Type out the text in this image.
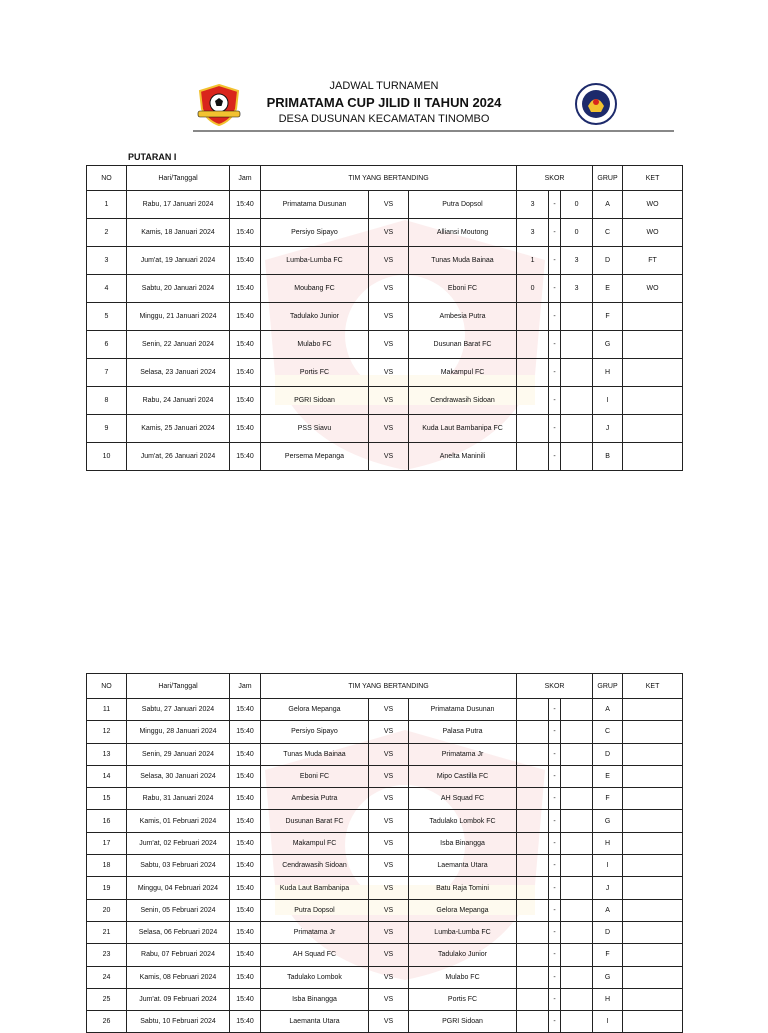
JADWAL TURNAMEN
PRIMATAMA CUP JILID II TAHUN 2024
DESA DUSUNAN KECAMATAN TINOMBO
PUTARAN I
NO	Hari/Tanggal	Jam	TIM YANG BERTANDING			SKOR			GRUP	KET
1	Rabu, 17 Januari 2024	15:40	Primatama Dusunan	VS	Putra Dopsol	3	-	0	A	WO
2	Kamis, 18 Januari 2024	15:40	Persiyo Sipayo	VS	Alliansi Moutong	3	-	0	C	WO
3	Jum'at, 19 Januari 2024	15:40	Lumba-Lumba FC	VS	Tunas Muda Bainaa	1	-	3	D	FT
4	Sabtu, 20 Januari 2024	15:40	Moubang FC	VS	Eboni FC	0	-	3	E	WO
5	Minggu, 21 Januari 2024	15:40	Tadulako Junior	VS	Ambesia Putra		-		F	
6	Senin, 22 Januari 2024	15:40	Mulabo FC	VS	Dusunan Barat FC		-		G	
7	Selasa, 23 Januari 2024	15:40	Portis FC	VS	Makampul FC		-		H	
8	Rabu, 24 Januari 2024	15:40	PGRI Sidoan	VS	Cendrawasih Sidoan		-		I	
9	Kamis, 25 Januari 2024	15:40	PSS Siavu	VS	Kuda Laut Bambanipa FC		-		J	
10	Jum'at, 26 Januari 2024	15:40	Persema Mepanga	VS	Anelta Maninili		-		B	
NO	Hari/Tanggal	Jam	TIM YANG BERTANDING			SKOR			GRUP	KET
11	Sabtu, 27 Januari 2024	15:40	Gelora Mepanga	VS	Primatama Dusunan		-		A	
12	Minggu, 28 Januari 2024	15:40	Persiyo Sipayo	VS	Palasa Putra		-		C	
13	Senin, 29 Januari 2024	15:40	Tunas Muda Bainaa	VS	Primatama Jr		-		D	
14	Selasa, 30 Januari 2024	15:40	Eboni FC	VS	Mipo Castilla FC		-		E	
15	Rabu, 31 Januari 2024	15:40	Ambesia Putra	VS	AH Squad FC		-		F	
16	Kamis, 01 Februari 2024	15:40	Dusunan Barat FC	VS	Tadulako Lombok FC		-		G	
17	Jum'at, 02 Februari 2024	15:40	Makampul FC	VS	Isba Binangga		-		H	
18	Sabtu, 03 Februari 2024	15:40	Cendrawasih Sidoan	VS	Laemanta Utara		-		I	
19	Minggu, 04 Februari 2024	15:40	Kuda Laut Bambanipa	VS	Batu Raja Tomini		-		J	
20	Senin, 05 Februari 2024	15:40	Putra Dopsol	VS	Gelora Mepanga		-		A	
21	Selasa, 06 Februari 2024	15:40	Primatama Jr	VS	Lumba-Lumba FC		-		D	
23	Rabu, 07 Februari 2024	15:40	AH Squad FC	VS	Tadulako Junior		-		F	
24	Kamis, 08 Februari 2024	15:40	Tadulako Lombok	VS	Mulabo FC		-		G	
25	Jum'at. 09 Februari 2024	15:40	Isba Binangga	VS	Portis FC		-		H	
26	Sabtu, 10 Februari 2024	15:40	Laemanta Utara	VS	PGRI Sidoan		-		I	
